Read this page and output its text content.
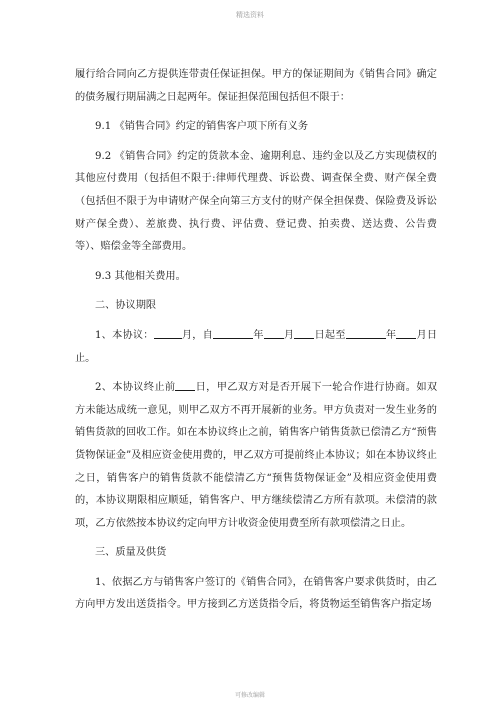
精选资料

履行给合同向乙方提供连带责任保证担保。甲方的保证期间为《销售合同》确定的债务履行期届满之日起两年。保证担保范围包括但不限于：

9.1 《销售合同》约定的销售客户项下所有义务

9.2 《销售合同》约定的货款本金、逾期利息、违约金以及乙方实现债权的其他应付费用（包括但不限于:律师代理费、诉讼费、调查保全费、财产保全费（包括但不限于为申请财产保全向第三方支付的财产保全担保费、保险费及诉讼财产保全费）、差旅费、执行费、评估费、登记费、拍卖费、送达费、公告费等）、赔偿金等全部费用。

9.3 其他相关费用。

二、协议期限

1、本协议：	月，自	年 月 日起至	年 月日止。

2、本协议终止前 日，甲乙双方对是否开展下一轮合作进行协商。如双方未能达成统一意见，则甲乙双方不再开展新的业务。甲方负责对一发生业务的销售货款的回收工作。如在本协议终止之前，销售客户销售货款已偿清乙方“预售货物保证金”及相应资金使用费的，甲乙双方可提前终止本协议；如在本协议终止之日，销售客户的销售货款不能偿清乙方“预售货物保证金”及相应资金使用费的，本协议期限相应顺延，销售客户、甲方继续偿清乙方所有款项。未偿清的款项，乙方依然按本协议约定向甲方计收资金使用费至所有款项偿清之日止。

三、质量及供货

1、依据乙方与销售客户签订的《销售合同》，在销售客户要求供货时，由乙方向甲方发出送货指令。甲方接到乙方送货指令后，将货物运至销售客户指定场

可修改编辑
